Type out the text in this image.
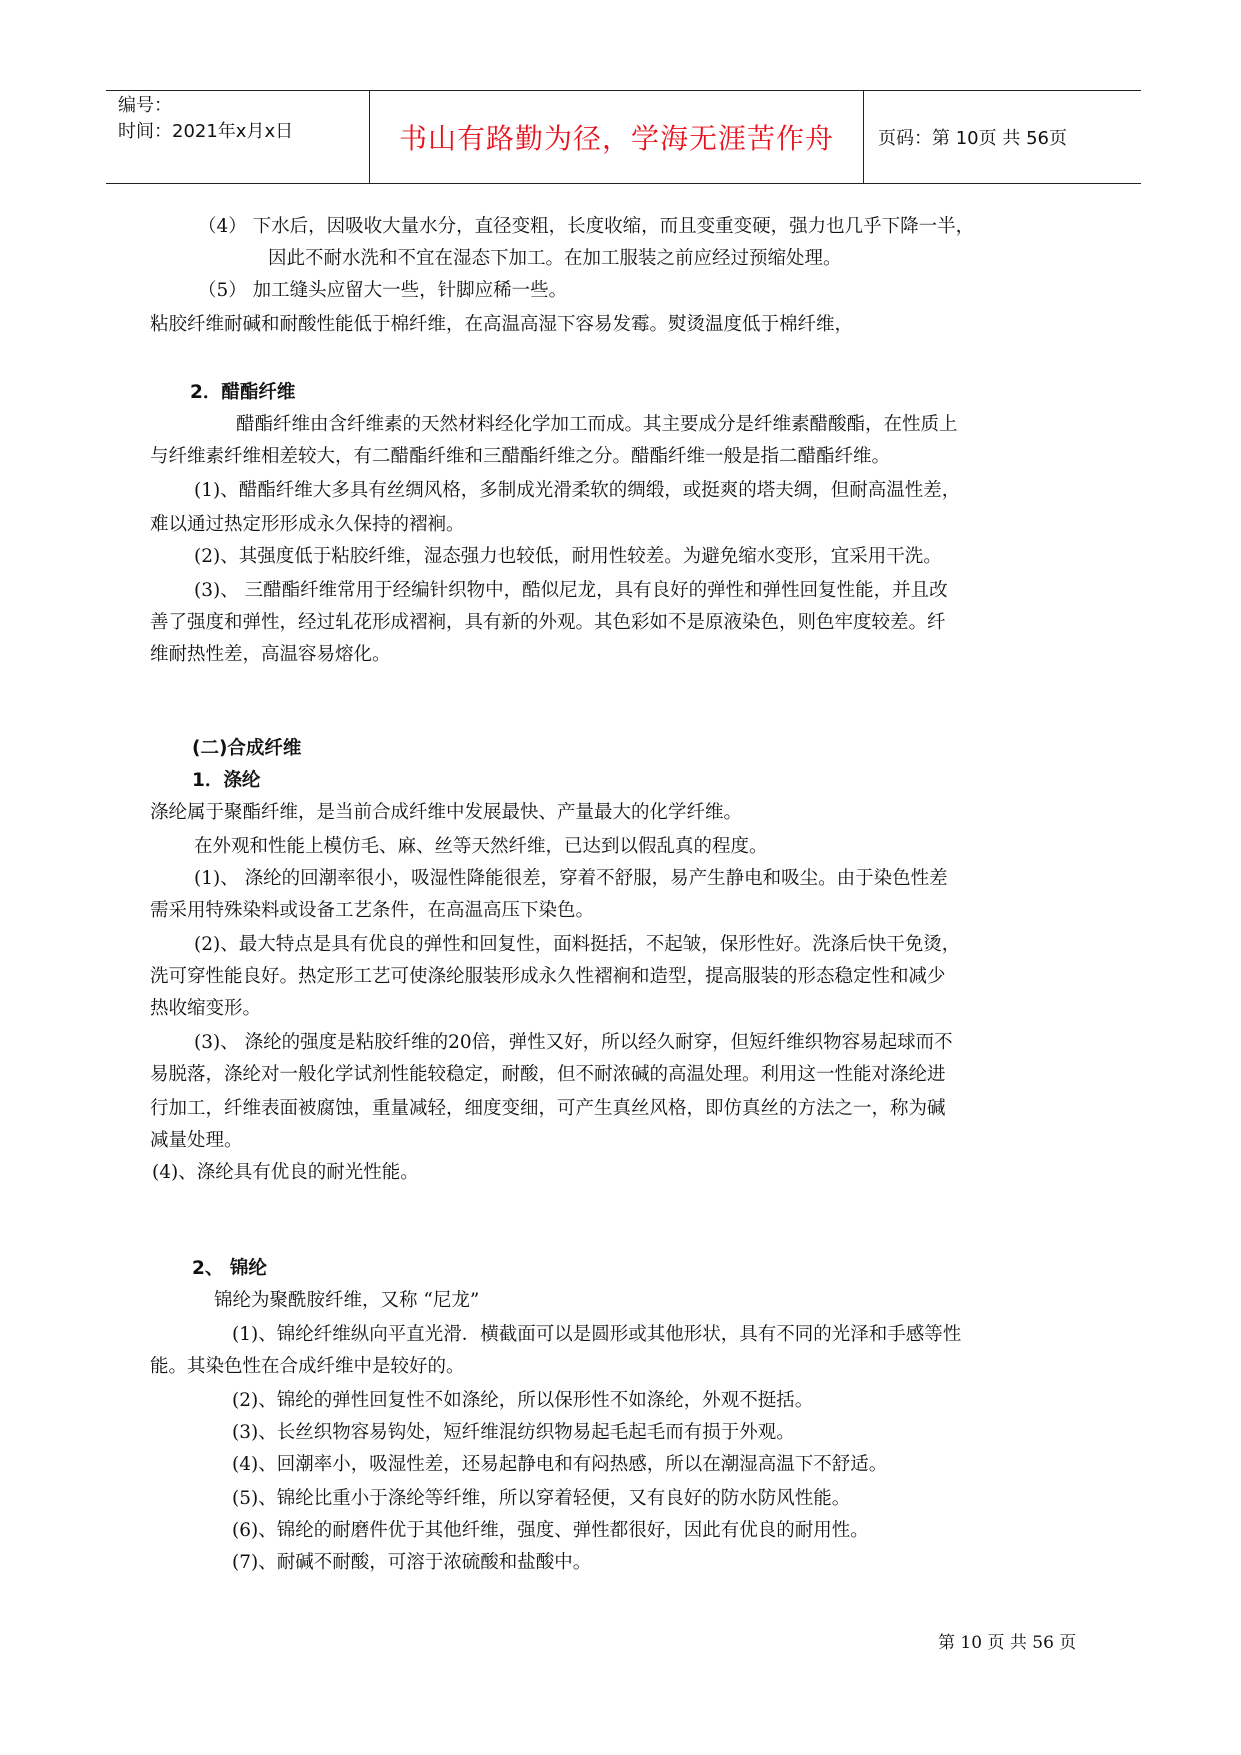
编号：
时间：2021年x月x日	书山有路勤为径，学海无涯苦作舟 页码：第 10页 共 56页
（4） 下水后，因吸收大量水分，直径变粗，长度收缩，而且变重变硬，强力也几乎下降一半，
因此不耐水洗和不宜在湿态下加工。在加工服装之前应经过预缩处理。
（5） 加工缝头应留大一些，针脚应稀一些。
粘胶纤维耐碱和耐酸性能低于棉纤维，在高温高湿下容易发霉。熨烫温度低于棉纤维，
2．醋酯纤维
醋酯纤维由含纤维素的天然材料经化学加工而成。其主要成分是纤维素醋酸酯，在性质上
与纤维素纤维相差较大，有二醋酯纤维和三醋酯纤维之分。醋酯纤维一般是指二醋酯纤维。
(1)、醋酯纤维大多具有丝绸风格，多制成光滑柔软的绸缎，或挺爽的塔夫绸，但耐高温性差，
难以通过热定形形成永久保持的褶裥。
(2)、其强度低于粘胶纤维，湿态强力也较低，耐用性较差。为避免缩水变形，宜采用干洗。
(3)、 三醋酯纤维常用于经编针织物中，酷似尼龙，具有良好的弹性和弹性回复性能，并且改
善了强度和弹性，经过轧花形成褶裥，具有新的外观。其色彩如不是原液染色，则色牢度较差。纤
维耐热性差，高温容易熔化。
(二)合成纤维
1．涤纶
涤纶属于聚酯纤维，是当前合成纤维中发展最快、产量最大的化学纤维。
在外观和性能上模仿毛、麻、丝等天然纤维，已达到以假乱真的程度。
(1)、 涤纶的回潮率很小，吸湿性降能很差，穿着不舒服，易产生静电和吸尘。由于染色性差
需采用特殊染料或设备工艺条件，在高温高压下染色。
(2)、最大特点是具有优良的弹性和回复性，面料挺括，不起皱，保形性好。洗涤后快干免烫，
洗可穿性能良好。热定形工艺可使涤纶服装形成永久性褶裥和造型，提高服装的形态稳定性和减少
热收缩变形。
(3)、 涤纶的强度是粘胶纤维的20倍，弹性又好，所以经久耐穿，但短纤维织物容易起球而不
易脱落，涤纶对一般化学试剂性能较稳定，耐酸，但不耐浓碱的高温处理。利用这一性能对涤纶进
行加工，纤维表面被腐蚀，重量减轻，细度变细，可产生真丝风格，即仿真丝的方法之一，称为碱
减量处理。
(4)、涤纶具有优良的耐光性能。
2、 锦纶
锦纶为聚酰胺纤维，又称 “尼龙”
(1)、锦纶纤维纵向平直光滑．横截面可以是圆形或其他形状，具有不同的光泽和手感等性
能。其染色性在合成纤维中是较好的。
(2)、锦纶的弹性回复性不如涤纶，所以保形性不如涤纶，外观不挺括。
(3)、长丝织物容易钩处，短纤维混纺织物易起毛起毛而有损于外观。
(4)、回潮率小，吸湿性差，还易起静电和有闷热感，所以在潮湿高温下不舒适。
(5)、锦纶比重小于涤纶等纤维，所以穿着轻便，又有良好的防水防风性能。
(6)、锦纶的耐磨件优于其他纤维，强度、弹性都很好，因此有优良的耐用性。
(7)、耐碱不耐酸，可溶于浓硫酸和盐酸中。
第 10 页 共 56 页
